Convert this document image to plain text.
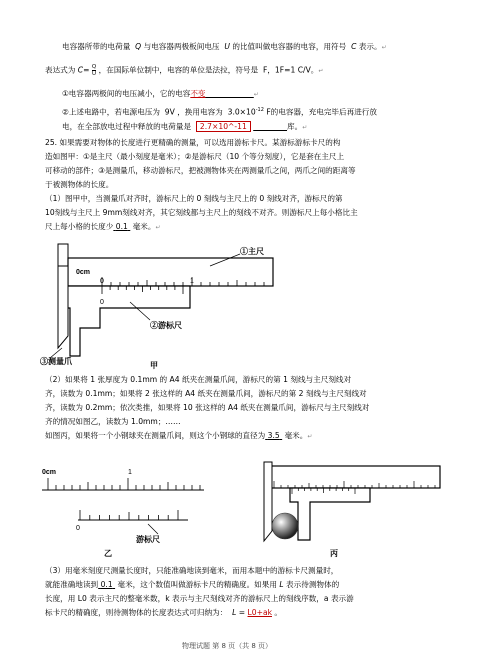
电容器所带的电荷量 Q 与电容器两极板间电压 U 的比值叫做电容器的电容，用符号 C 表示。↵
表达式为 $C= \frac{Q}{U}$ ，在国际单位制中，电容的单位是法拉，符号是 F，1F=1 C/V。↵
①电容器两极间的电压减小，它的电容不变	↵
②上述电路中，若电源电压为 9V ，换用电容为 $3.0\times 10^{-12}$ F的电容器，充电完毕后再进行放
电，在全部放电过程中释放的电荷量是 2.7×10^-11	库。↵
25. 如果需要对物体的长度进行更精确的测量，可以选用游标卡尺。某游标游标卡尺的构
造如图甲：①是主尺（最小刻度是毫米）；②是游标尺（10 个等分刻度），它是套在主尺上
可移动的部件；③是测量爪，移动游标尺，把被测物体夹在两测量爪之间，两爪之间的距离等
于被测物体的长度。
（1）图甲中，当测量爪对齐时，游标尺上的 0 刻线与主尺上的 0 刻线对齐，游标尺的第
10刻线与主尺上 9mm刻线对齐，其它刻线都与主尺上的刻线不对齐。则游标尺上每小格比主
尺上每小格的长度少 0.1 毫米。↵
0cm
0	1
0
①主尺
②游标尺
③测量爪	甲
（2）如果将 1 张厚度为 0.1mm 的 A4 纸夹在测量爪间，游标尺的第 1 刻线与主尺刻线对
齐，读数为 0.1mm；如果将 2 张这样的 A4 纸夹在测量爪间，游标尺的第 2 刻线与主尺刻线对
齐，读数为 0.2mm；依次类推，如果将 10 张这样的 A4 纸夹在测量爪间，游标尺与主尺刻线对
齐的情况如图乙，读数为 1.0mm；……
如图丙，如果将一个小钢球夹在测量爪间，则这个小钢球的直径为 3.5 毫米。↵
0cm	1
0
游标尺
乙	丙
（3）用毫米刻度尺测量长度时，只能准确地读到毫米，而用本题中的游标卡尺测量时，
就能准确地读到 0.1 毫米，这个数值叫做游标卡尺的精确度。如果用 L 表示待测物体的
长度，用 L0 表示主尺的整毫米数，k 表示与主尺刻线对齐的游标尺上的刻线序数，a 表示游
标卡尺的精确度，则待测物体的长度表达式可归纳为： L = L0+ak 。
物理试题 第 8 页（共 8 页）
